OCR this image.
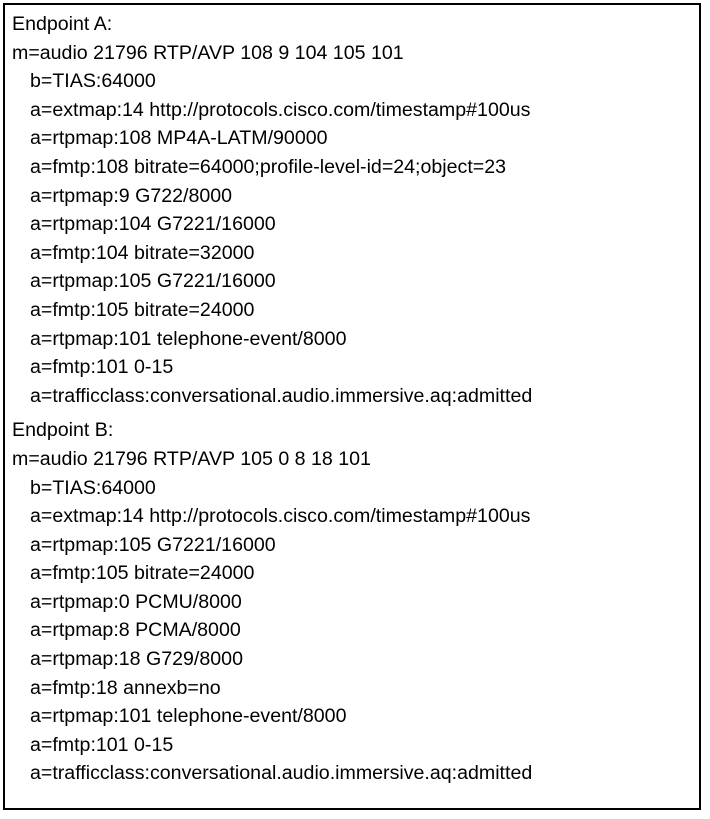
Endpoint A:
m=audio 21796 RTP/AVP 108 9 104 105 101
b=TIAS:64000
a=extmap:14 http://protocols.cisco.com/timestamp#100us
a=rtpmap:108 MP4A-LATM/90000
a=fmtp:108 bitrate=64000;profile-level-id=24;object=23
a=rtpmap:9 G722/8000
a=rtpmap:104 G7221/16000
a=fmtp:104 bitrate=32000
a=rtpmap:105 G7221/16000
a=fmtp:105 bitrate=24000
a=rtpmap:101 telephone-event/8000
a=fmtp:101 0-15
a=trafficclass:conversational.audio.immersive.aq:admitted
Endpoint B:
m=audio 21796 RTP/AVP 105 0 8 18 101
b=TIAS:64000
a=extmap:14 http://protocols.cisco.com/timestamp#100us
a=rtpmap:105 G7221/16000
a=fmtp:105 bitrate=24000
a=rtpmap:0 PCMU/8000
a=rtpmap:8 PCMA/8000
a=rtpmap:18 G729/8000
a=fmtp:18 annexb=no
a=rtpmap:101 telephone-event/8000
a=fmtp:101 0-15
a=trafficclass:conversational.audio.immersive.aq:admitted
